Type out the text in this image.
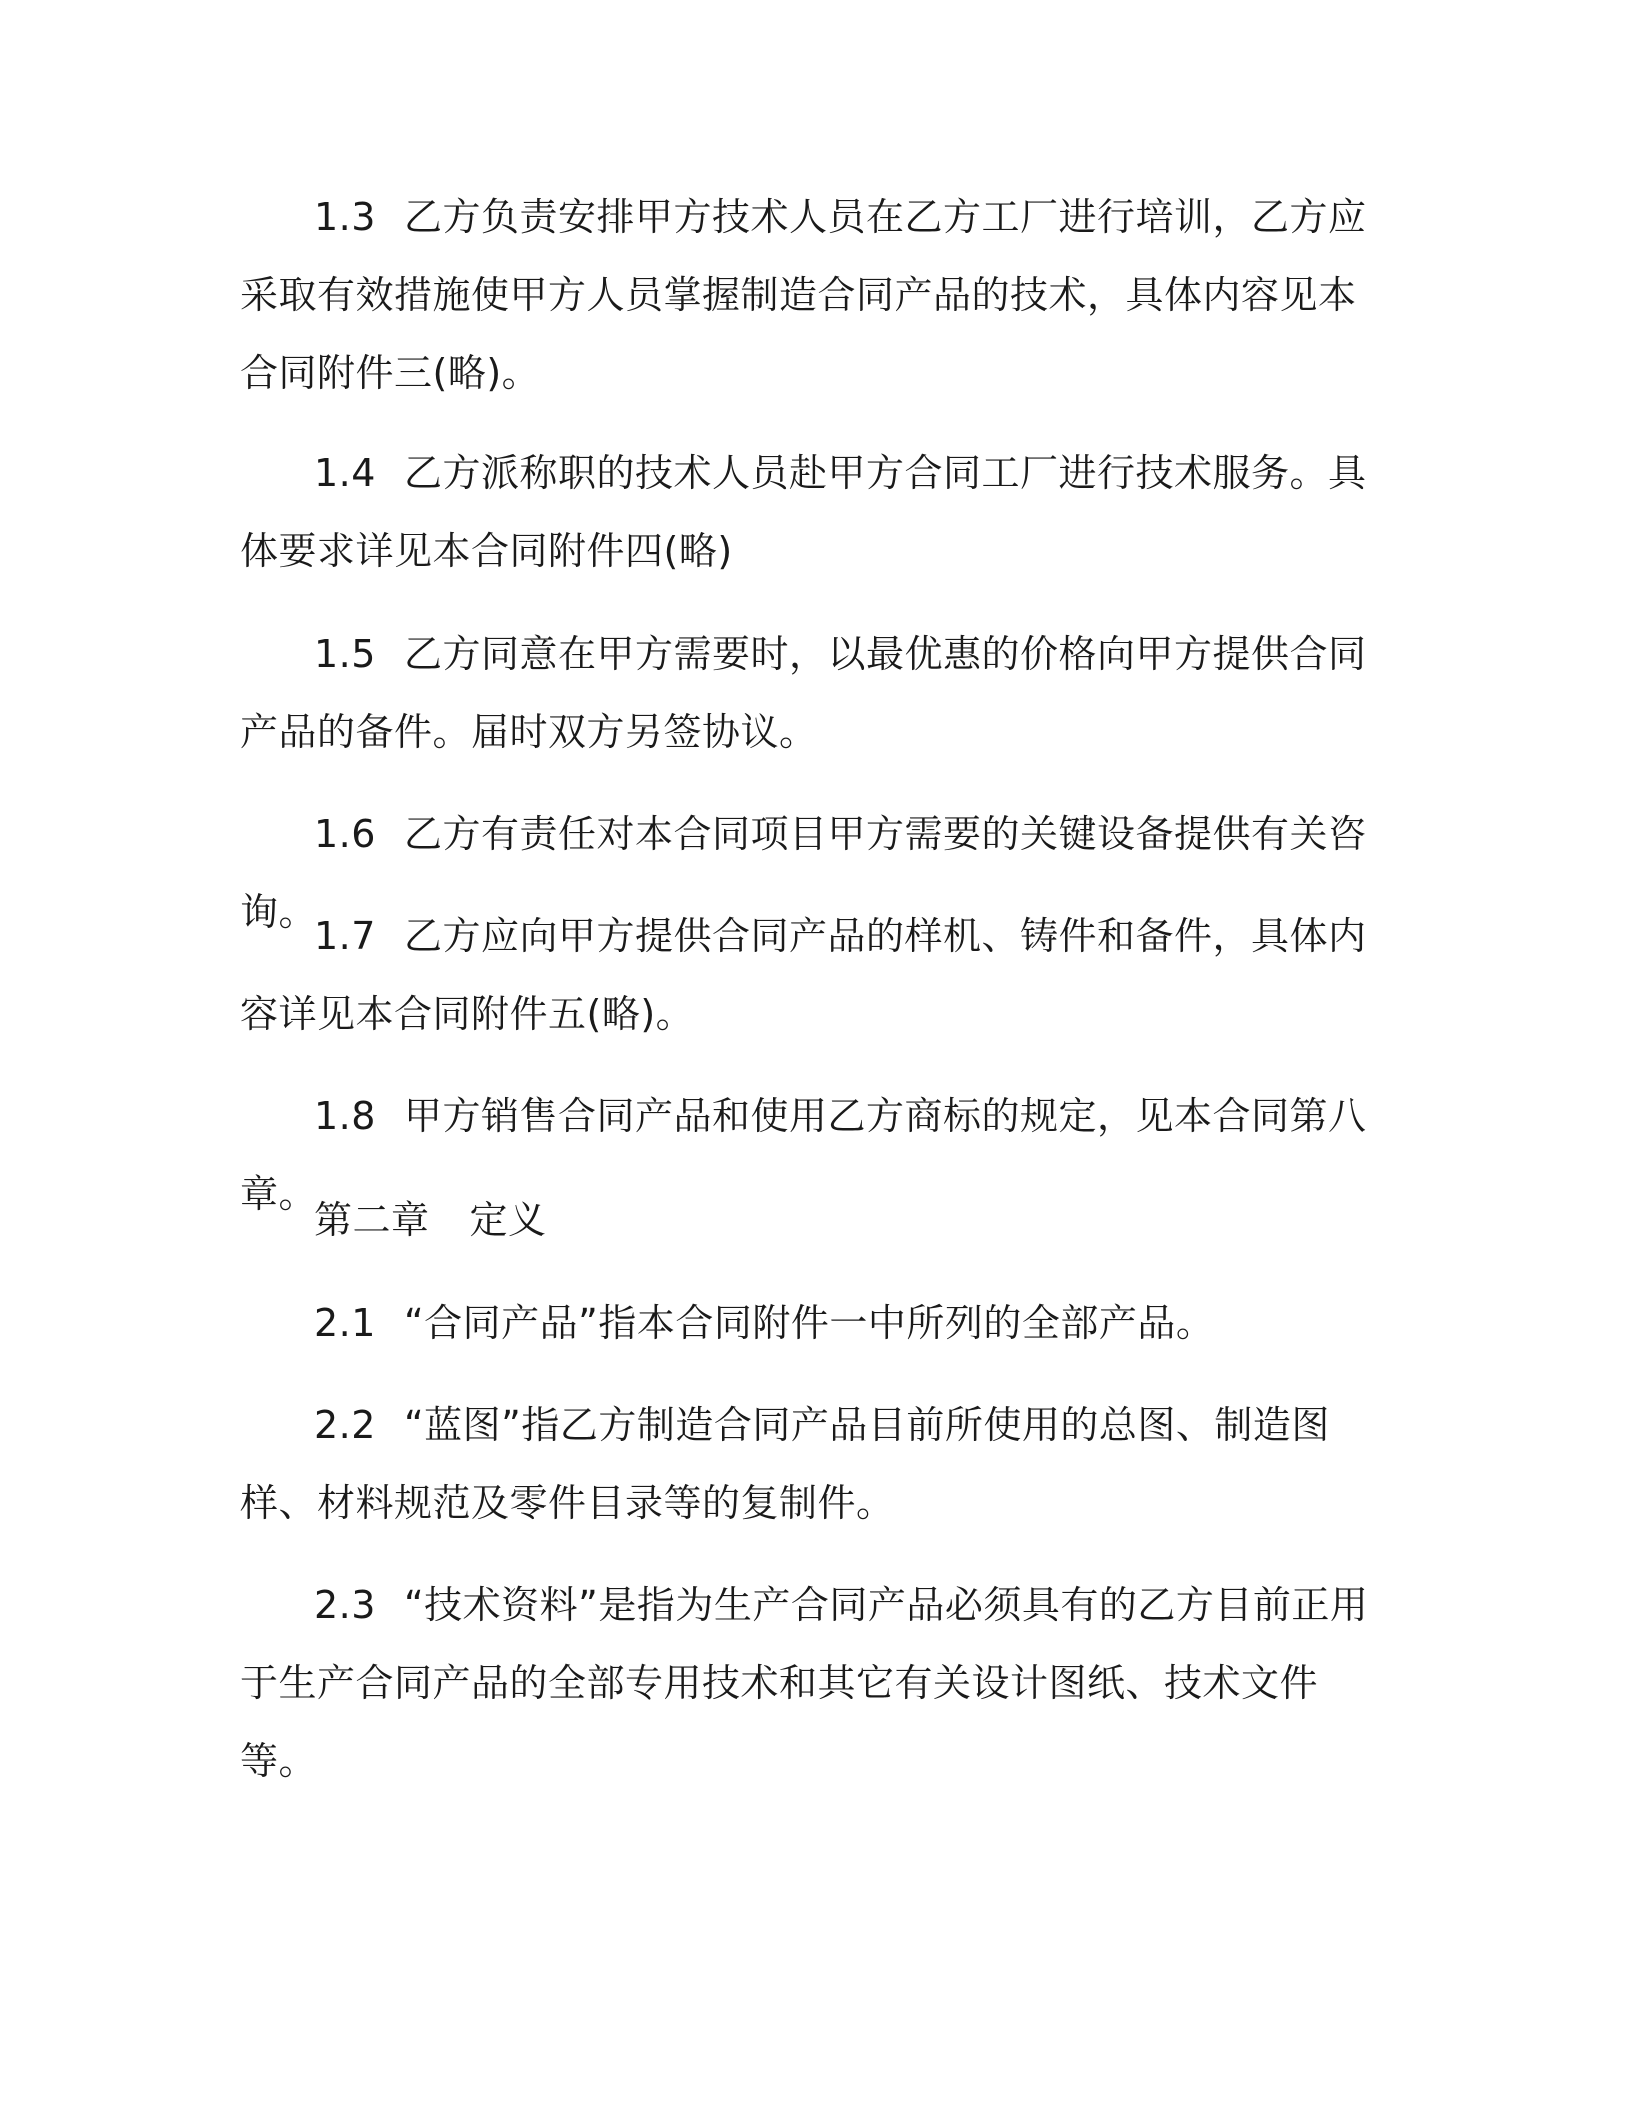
1.3 乙方负责安排甲方技术人员在乙方工厂进行培训，乙方应采取有效措施使甲方人员掌握制造合同产品的技术，具体内容见本合同附件三(略)。

1.4 乙方派称职的技术人员赴甲方合同工厂进行技术服务。具体要求详见本合同附件四(略)

1.5 乙方同意在甲方需要时，以最优惠的价格向甲方提供合同产品的备件。届时双方另签协议。

1.6 乙方有责任对本合同项目甲方需要的关键设备提供有关咨询。

1.7 乙方应向甲方提供合同产品的样机、铸件和备件，具体内容详见本合同附件五(略)。

1.8 甲方销售合同产品和使用乙方商标的规定，见本合同第八章。

第二章 定义

2.1 “合同产品”指本合同附件一中所列的全部产品。

2.2 “蓝图”指乙方制造合同产品目前所使用的总图、制造图样、材料规范及零件目录等的复制件。

2.3 “技术资料”是指为生产合同产品必须具有的乙方目前正用于生产合同产品的全部专用技术和其它有关设计图纸、技术文件等。
